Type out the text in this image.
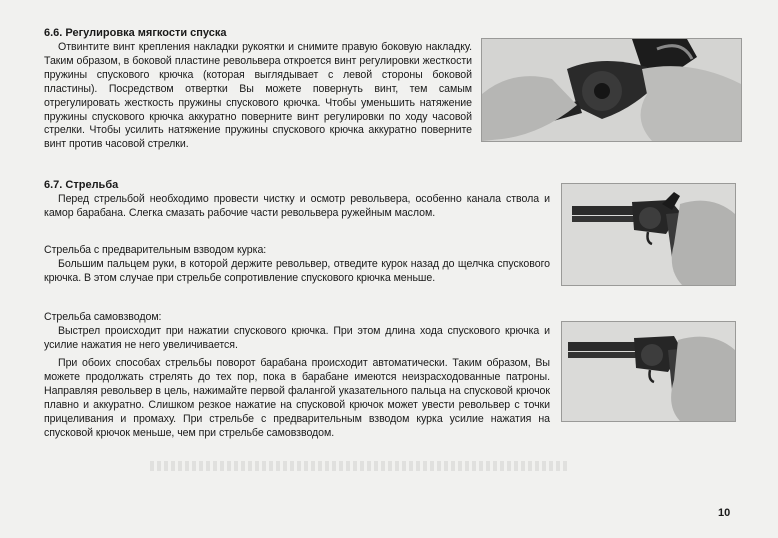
6.6. Регулировка мягкости спуска

Отвинтите винт крепления накладки рукоятки и снимите правую боковую накладку. Таким образом, в боковой пластине револьвера откроется винт регулировки жесткости пружины спускового крючка (которая выглядывает с левой стороны боковой пластины). Посредством отвертки Вы можете повернуть винт, тем самым отрегулировать жесткость пружины спускового крючка. Чтобы уменьшить натяжение пружины спускового крючка аккуратно поверните винт регулировки по ходу часовой стрелки. Чтобы усилить натяжение пружины спускового крючка аккуратно поверните винт против часовой стрелки.

6.7. Стрельба

Перед стрельбой необходимо провести чистку и осмотр револьвера, особенно канала ствола и камор барабана. Слегка смазать рабочие части револьвера ружейным маслом.

Стрельба с предварительным взводом курка:

Большим пальцем руки, в которой держите револьвер, отведите курок назад до щелчка спускового крючка. В этом случае при стрельбе сопротивление спускового крючка меньше.

Стрельба самовзводом:

Выстрел происходит при нажатии спускового крючка. При этом длина хода спускового крючка и усилие нажатия не него увеличивается.

При обоих способах стрельбы поворот барабана происходит автоматически. Таким образом, Вы можете продолжать стрелять до тех пор, пока в барабане имеются неизрасходованные патроны. Направляя револьвер в цель, нажимайте первой фалангой указательного пальца на спусковой крючок плавно и аккуратно. Слишком резкое нажатие на спусковой крючок может увести револьвер с точки прицеливания и промаху. При стрельбе с предварительным взводом курка усилие нажатия на спусковой крючок меньше, чем при стрельбе самовзводом.

10
